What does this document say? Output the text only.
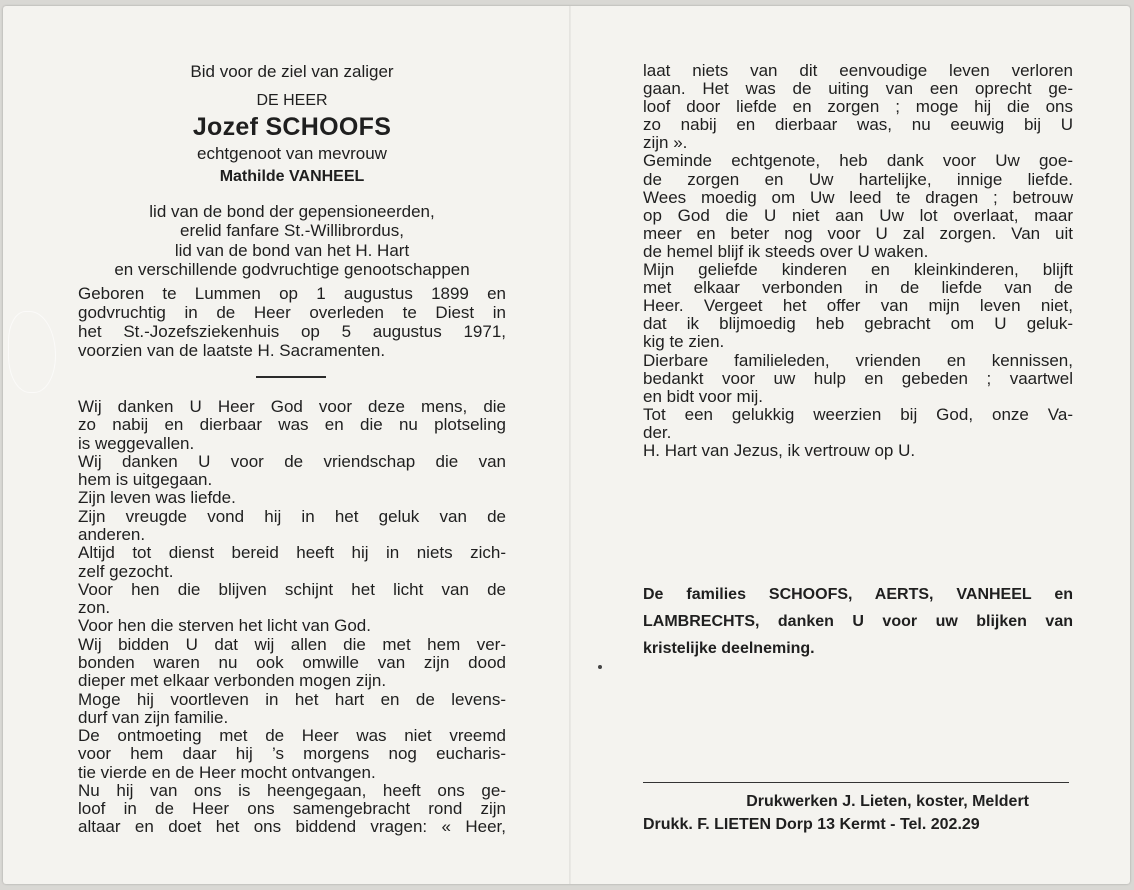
Bid voor de ziel van zaliger
DE HEER
Jozef SCHOOFS
echtgenoot van mevrouw
Mathilde VANHEEL
lid van de bond der gepensioneerden,
erelid fanfare St.-Willibrordus,
lid van de bond van het H. Hart
en verschillende godvruchtige genootschappen
Geboren te Lummen op 1 augustus 1899 en
godvruchtig in de Heer overleden te Diest in
het St.-Jozefsziekenhuis op 5 augustus 1971,
voorzien van de laatste H. Sacramenten.
Wij danken U Heer God voor deze mens, die
zo nabij en dierbaar was en die nu plotseling
is weggevallen.
Wij danken U voor de vriendschap die van
hem is uitgegaan.
Zijn leven was liefde.
Zijn vreugde vond hij in het geluk van de
anderen.
Altijd tot dienst bereid heeft hij in niets zich-
zelf gezocht.
Voor hen die blijven schijnt het licht van de
zon.
Voor hen die sterven het licht van God.
Wij bidden U dat wij allen die met hem ver-
bonden waren nu ook omwille van zijn dood
dieper met elkaar verbonden mogen zijn.
Moge hij voortleven in het hart en de levens-
durf van zijn familie.
De ontmoeting met de Heer was niet vreemd
voor hem daar hij ’s morgens nog eucharis-
tie vierde en de Heer mocht ontvangen.
Nu hij van ons is heengegaan, heeft ons ge-
loof in de Heer ons samengebracht rond zijn
altaar en doet het ons biddend vragen: « Heer,
laat niets van dit eenvoudige leven verloren
gaan. Het was de uiting van een oprecht ge-
loof door liefde en zorgen ; moge hij die ons
zo nabij en dierbaar was, nu eeuwig bij U
zijn ».
Geminde echtgenote, heb dank voor Uw goe-
de zorgen en Uw hartelijke, innige liefde.
Wees moedig om Uw leed te dragen ; betrouw
op God die U niet aan Uw lot overlaat, maar
meer en beter nog voor U zal zorgen. Van uit
de hemel blijf ik steeds over U waken.
Mijn geliefde kinderen en kleinkinderen, blijft
met elkaar verbonden in de liefde van de
Heer. Vergeet het offer van mijn leven niet,
dat ik blijmoedig heb gebracht om U geluk-
kig te zien.
Dierbare familieleden, vrienden en kennissen,
bedankt voor uw hulp en gebeden ; vaartwel
en bidt voor mij.
Tot een gelukkig weerzien bij God, onze Va-
der.
H. Hart van Jezus, ik vertrouw op U.
De families SCHOOFS, AERTS, VANHEEL en
LAMBRECHTS, danken U voor uw blijken van
kristelijke deelneming.
Drukwerken J. Lieten, koster, Meldert
Drukk. F. LIETEN Dorp 13 Kermt - Tel. 202.29
